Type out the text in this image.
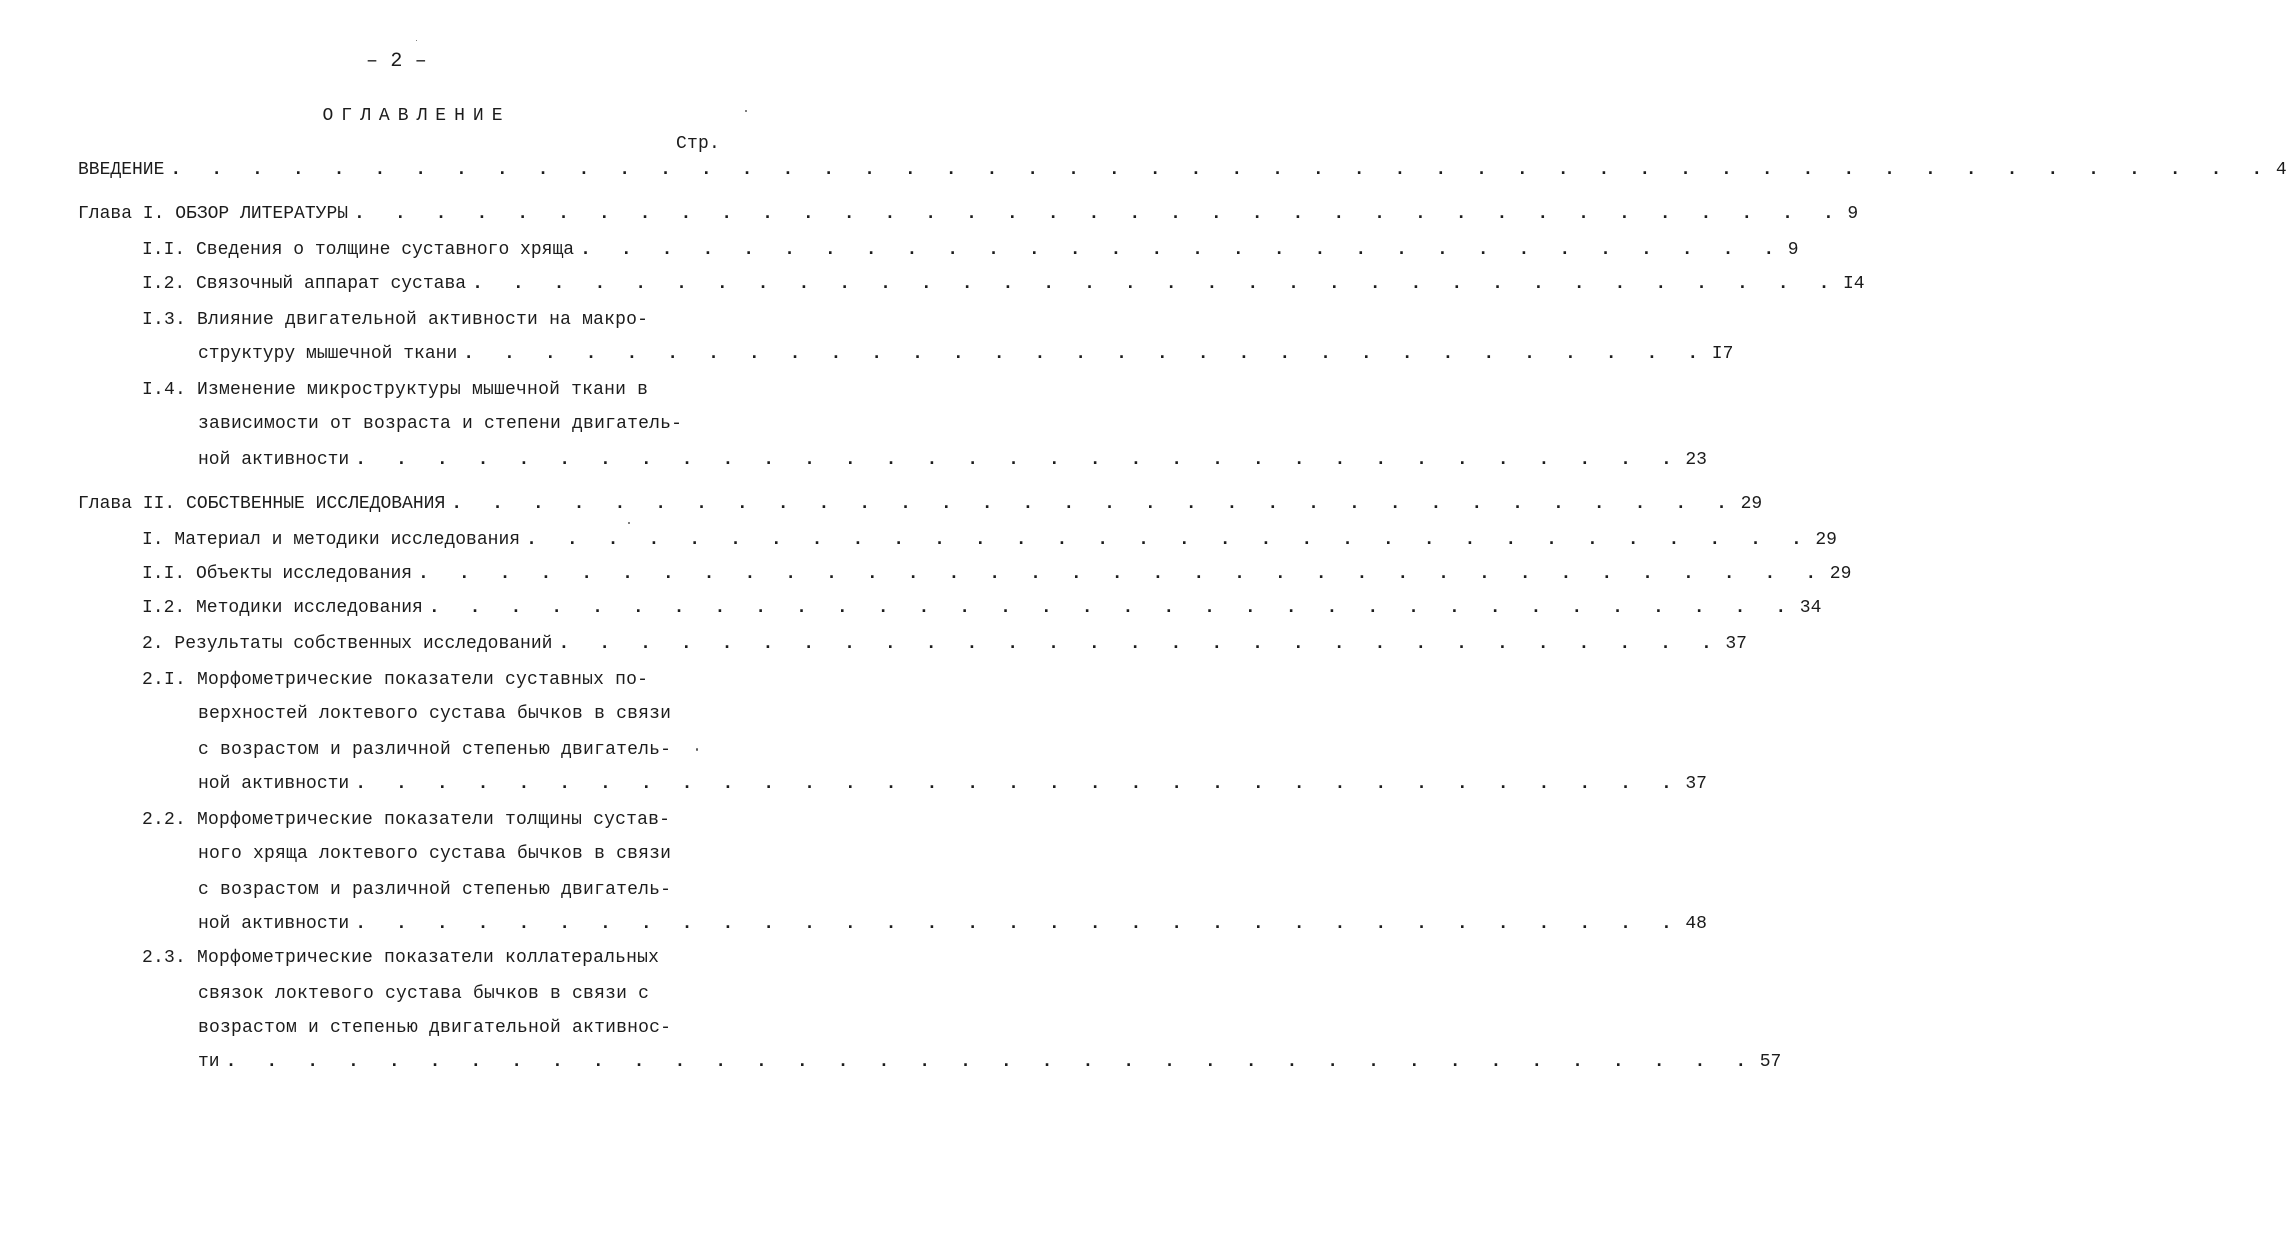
– 2 –
ОГЛАВЛЕНИЕ
Стр.
ВВЕДЕНИЕ . . . . . . . . . . . . . . . . . . . . . . . . . . . . . . . . . . . . . . . . . . . . . . . . . . . . 4
Глава I. ОБЗОР ЛИТЕРАТУРЫ . . . . . . . . . . . . . . . . . . . . . . . . . . . . . . . . . . . . . 9
I.I. Сведения о толщине суставного хряща . . . . . . . . . . . . . . . . . . . . . . . . . . . . . . 9
I.2. Связочный аппарат сустава . . . . . . . . . . . . . . . . . . . . . . . . . . . . . . . . . . I4
I.3. Влияние двигательной активности на макро-
структуру мышечной ткани . . . . . . . . . . . . . . . . . . . . . . . . . . . . . . . I7
I.4. Изменение микроструктуры мышечной ткани в
зависимости от возраста и степени двигатель-
ной активности . . . . . . . . . . . . . . . . . . . . . . . . . . . . . . . . . 23
Глава II. СОБСТВЕННЫЕ ИССЛЕДОВАНИЯ . . . . . . . . . . . . . . . . . . . . . . . . . . . . . . . . 29
I. Материал и методики исследования . . . . . . . . . . . . . . . . . . . . . . . . . . . . . . . . 29
I.I. Объекты исследования . . . . . . . . . . . . . . . . . . . . . . . . . . . . . . . . . . . 29
I.2. Методики исследования . . . . . . . . . . . . . . . . . . . . . . . . . . . . . . . . . . 34
2. Результаты собственных исследований . . . . . . . . . . . . . . . . . . . . . . . . . . . . . 37
2.I. Морфометрические показатели суставных по-
верхностей локтевого сустава бычков в связи
с возрастом и различной степенью двигатель-
ной активности . . . . . . . . . . . . . . . . . . . . . . . . . . . . . . . . . 37
2.2. Морфометрические показатели толщины сустав-
ного хряща локтевого сустава бычков в связи
с возрастом и различной степенью двигатель-
ной активности . . . . . . . . . . . . . . . . . . . . . . . . . . . . . . . . . 48
2.3. Морфометрические показатели коллатеральных
связок локтевого сустава бычков в связи с
возрастом и степенью двигательной активнос-
ти . . . . . . . . . . . . . . . . . . . . . . . . . . . . . . . . . . . . . . 57
